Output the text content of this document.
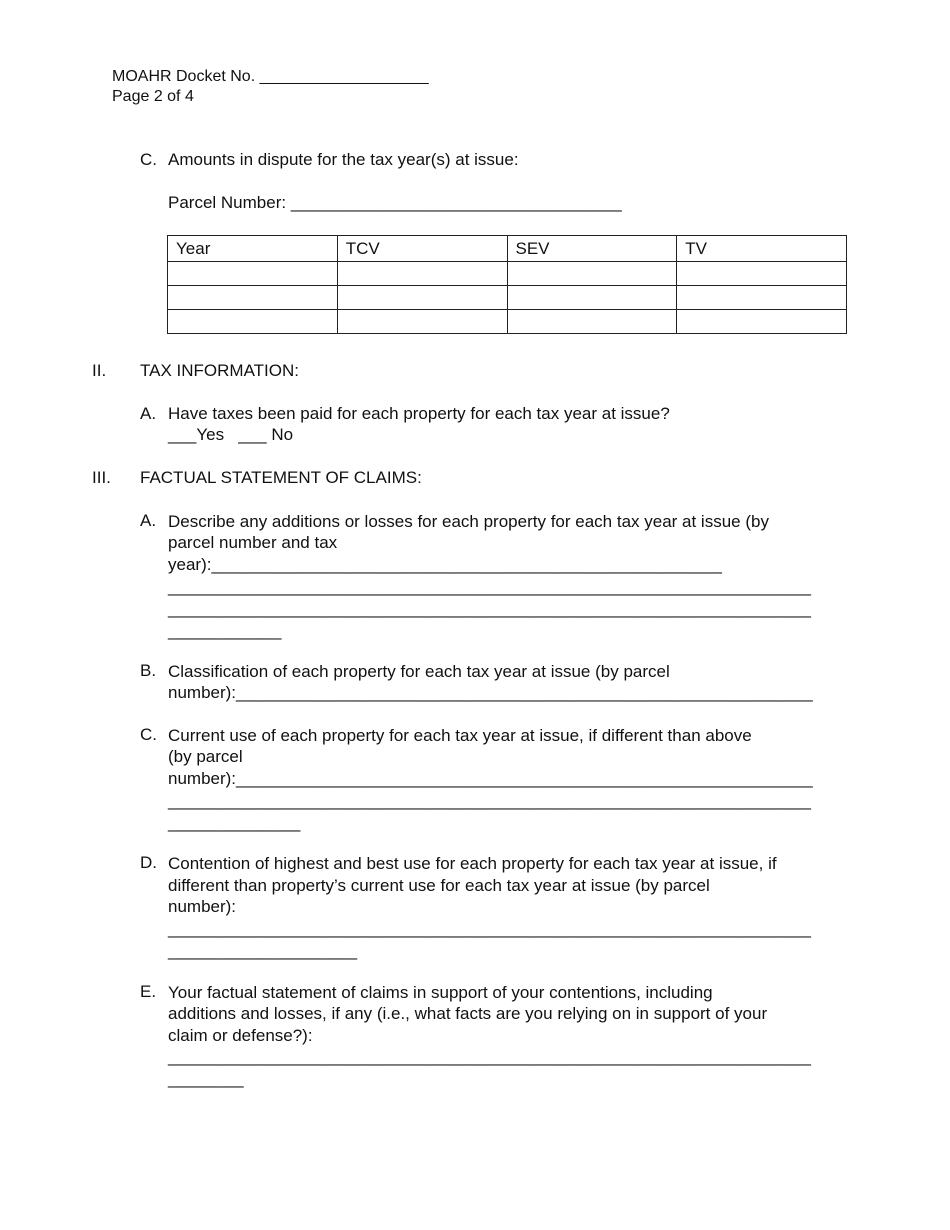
MOAHR Docket No. ___________________
Page 2 of 4
C. Amounts in dispute for the tax year(s) at issue:
Parcel Number: ___________________________________
Year	TCV	SEV	TV

II.	TAX INFORMATION:
A. Have taxes been paid for each property for each tax year at issue?
___Yes   ___ No
III.	FACTUAL STATEMENT OF CLAIMS:
A. Describe any additions or losses for each property for each tax year at issue (by
parcel number and tax
year):______________________________________________________
____________________________________________________________________
____________________________________________________________________
____________
B. Classification of each property for each tax year at issue (by parcel
number):_____________________________________________________________
C. Current use of each property for each tax year at issue, if different than above
(by parcel
number):_____________________________________________________________
____________________________________________________________________
______________
D. Contention of highest and best use for each property for each tax year at issue, if
different than property’s current use for each tax year at issue (by parcel
number):
____________________________________________________________________
____________________
E. Your factual statement of claims in support of your contentions, including
additions and losses, if any (i.e., what facts are you relying on in support of your
claim or defense?):
____________________________________________________________________
________
